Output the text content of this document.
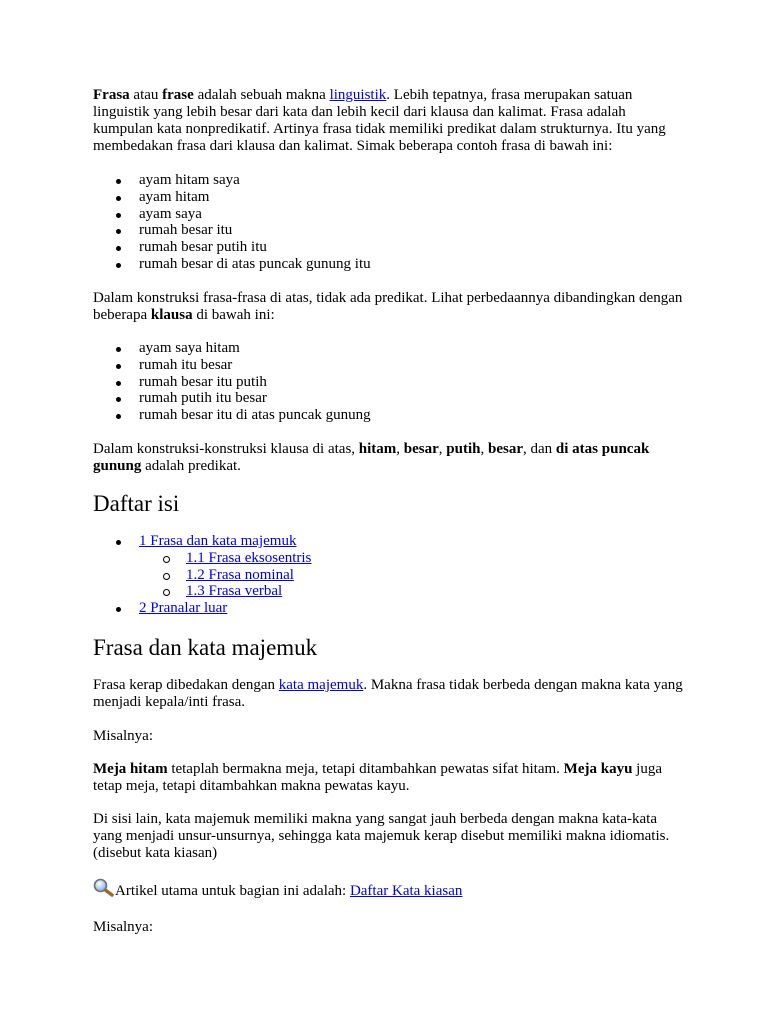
Frasa atau frase adalah sebuah makna linguistik. Lebih tepatnya, frasa merupakan satuan linguistik yang lebih besar dari kata dan lebih kecil dari klausa dan kalimat. Frasa adalah kumpulan kata nonpredikatif. Artinya frasa tidak memiliki predikat dalam strukturnya. Itu yang membedakan frasa dari klausa dan kalimat. Simak beberapa contoh frasa di bawah ini:

ayam hitam saya
ayam hitam
ayam saya
rumah besar itu
rumah besar putih itu
rumah besar di atas puncak gunung itu

Dalam konstruksi frasa-frasa di atas, tidak ada predikat. Lihat perbedaannya dibandingkan dengan beberapa klausa di bawah ini:

ayam saya hitam
rumah itu besar
rumah besar itu putih
rumah putih itu besar
rumah besar itu di atas puncak gunung

Dalam konstruksi-konstruksi klausa di atas, hitam, besar, putih, besar, dan di atas puncak gunung adalah predikat.

Daftar isi
1 Frasa dan kata majemuk
1.1 Frasa eksosentris
1.2 Frasa nominal
1.3 Frasa verbal
2 Pranalar luar
Frasa dan kata majemuk

Frasa kerap dibedakan dengan kata majemuk. Makna frasa tidak berbeda dengan makna kata yang menjadi kepala/inti frasa.

Misalnya:

Meja hitam tetaplah bermakna meja, tetapi ditambahkan pewatas sifat hitam. Meja kayu juga tetap meja, tetapi ditambahkan makna pewatas kayu.

Di sisi lain, kata majemuk memiliki makna yang sangat jauh berbeda dengan makna kata-kata yang menjadi unsur-unsurnya, sehingga kata majemuk kerap disebut memiliki makna idiomatis. (disebut kata kiasan)

Artikel utama untuk bagian ini adalah: Daftar Kata kiasan

Misalnya:
